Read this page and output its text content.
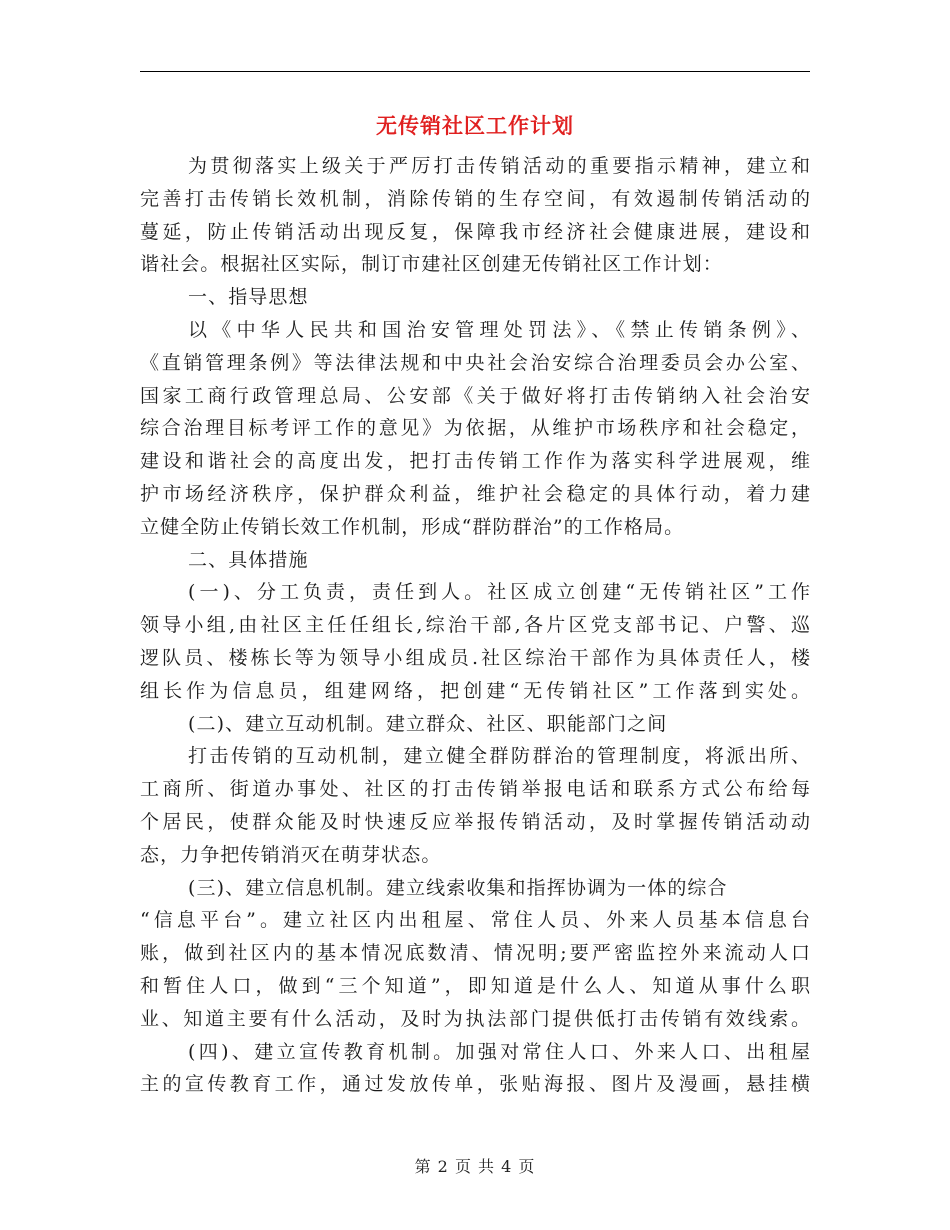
无传销社区工作计划
为贯彻落实上级关于严厉打击传销活动的重要指示精神，建立和
完善打击传销长效机制，消除传销的生存空间，有效遏制传销活动的
蔓延，防止传销活动出现反复，保障我市经济社会健康进展，建设和
谐社会。根据社区实际，制订市建社区创建无传销社区工作计划：
一、指导思想
以《中华人民共和国治安管理处罚法》、《禁止传销条例》、
《直销管理条例》等法律法规和中央社会治安综合治理委员会办公室、
国家工商行政管理总局、公安部《关于做好将打击传销纳入社会治安
综合治理目标考评工作的意见》为依据，从维护市场秩序和社会稳定，
建设和谐社会的高度出发，把打击传销工作作为落实科学进展观，维
护市场经济秩序，保护群众利益，维护社会稳定的具体行动，着力建
立健全防止传销长效工作机制，形成“群防群治”的工作格局。
二、具体措施
(一)、分工负责，责任到人。社区成立创建“无传销社区”工作
领导小组,由社区主任任组长,综治干部,各片区党支部书记、户警、巡
逻队员、楼栋长等为领导小组成员.社区综治干部作为具体责任人，楼
组长作为信息员，组建网络，把创建“无传销社区”工作落到实处。
(二)、建立互动机制。建立群众、社区、职能部门之间
打击传销的互动机制，建立健全群防群治的管理制度，将派出所、
工商所、街道办事处、社区的打击传销举报电话和联系方式公布给每
个居民，使群众能及时快速反应举报传销活动，及时掌握传销活动动
态，力争把传销消灭在萌芽状态。
(三)、建立信息机制。建立线索收集和指挥协调为一体的综合
“信息平台”。建立社区内出租屋、常住人员、外来人员基本信息台
账，做到社区内的基本情况底数清、情况明;要严密监控外来流动人口
和暂住人口，做到“三个知道”，即知道是什么人、知道从事什么职
业、知道主要有什么活动，及时为执法部门提供低打击传销有效线索。
(四)、建立宣传教育机制。加强对常住人口、外来人口、出租屋
主的宣传教育工作，通过发放传单，张贴海报、图片及漫画，悬挂横
第 2 页 共 4 页
